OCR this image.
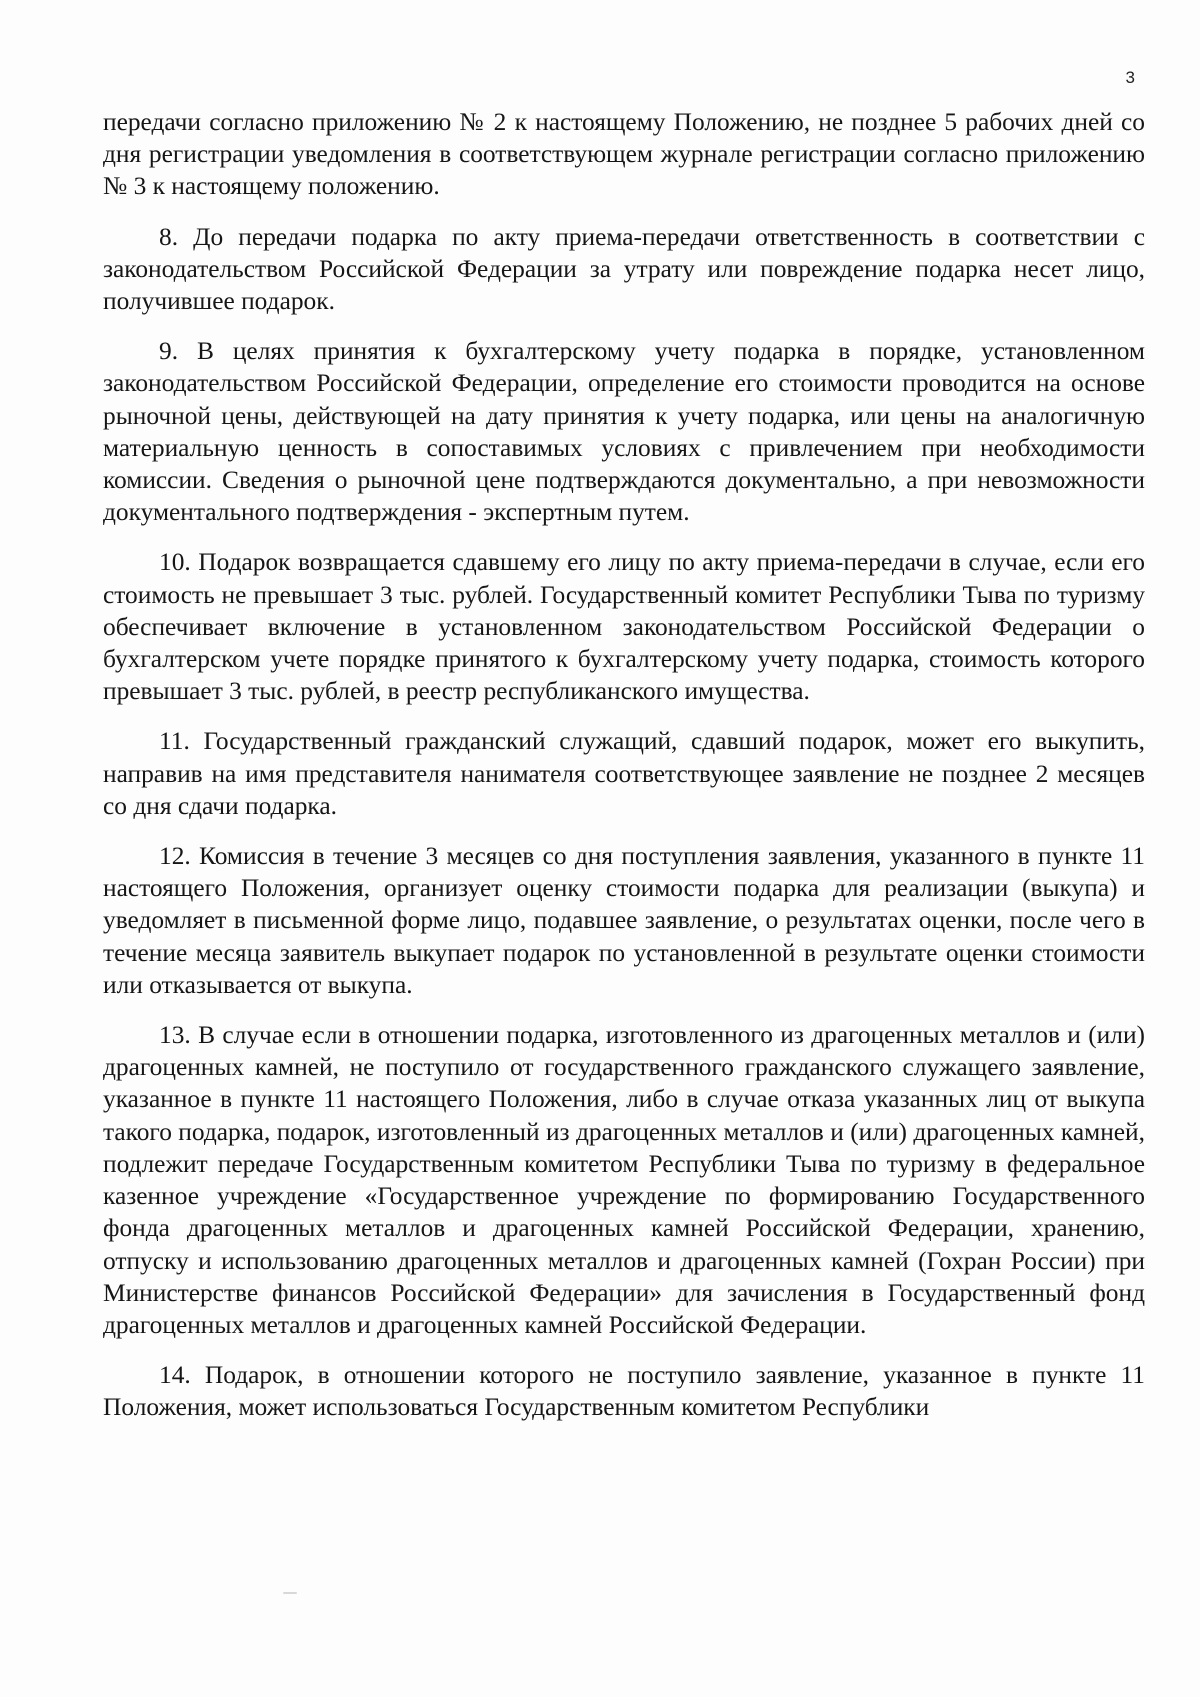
3

передачи согласно приложению № 2 к настоящему Положению, не позднее 5 рабочих дней со дня регистрации уведомления в соответствующем журнале регистрации согласно приложению № 3 к настоящему положению.

8. До передачи подарка по акту приема-передачи ответственность в соответствии с законодательством Российской Федерации за утрату или повреждение подарка несет лицо, получившее подарок.

9. В целях принятия к бухгалтерскому учету подарка в порядке, установленном законодательством Российской Федерации, определение его стоимости проводится на основе рыночной цены, действующей на дату принятия к учету подарка, или цены на аналогичную материальную ценность в сопоставимых условиях с привлечением при необходимости комиссии. Сведения о рыночной цене подтверждаются документально, а при невозможности документального подтверждения - экспертным путем.

10. Подарок возвращается сдавшему его лицу по акту приема-передачи в случае, если его стоимость не превышает 3 тыс. рублей. Государственный комитет Республики Тыва по туризму обеспечивает включение в установленном законодательством Российской Федерации о бухгалтерском учете порядке принятого к бухгалтерскому учету подарка, стоимость которого превышает 3 тыс. рублей, в реестр республиканского имущества.

11. Государственный гражданский служащий, сдавший подарок, может его выкупить, направив на имя представителя нанимателя соответствующее заявление не позднее 2 месяцев со дня сдачи подарка.

12. Комиссия в течение 3 месяцев со дня поступления заявления, указанного в пункте 11 настоящего Положения, организует оценку стоимости подарка для реализации (выкупа) и уведомляет в письменной форме лицо, подавшее заявление, о результатах оценки, после чего в течение месяца заявитель выкупает подарок по установленной в результате оценки стоимости или отказывается от выкупа.

13. В случае если в отношении подарка, изготовленного из драгоценных металлов и (или) драгоценных камней, не поступило от государственного гражданского служащего заявление, указанное в пункте 11 настоящего Положения, либо в случае отказа указанных лиц от выкупа такого подарка, подарок, изготовленный из драгоценных металлов и (или) драгоценных камней, подлежит передаче Государственным комитетом Республики Тыва по туризму в федеральное казенное учреждение «Государственное учреждение по формированию Государственного фонда драгоценных металлов и драгоценных камней Российской Федерации, хранению, отпуску и использованию драгоценных металлов и драгоценных камней (Гохран России) при Министерстве финансов Российской Федерации» для зачисления в Государственный фонд драгоценных металлов и драгоценных камней Российской Федерации.

14. Подарок, в отношении которого не поступило заявление, указанное в пункте 11 Положения, может использоваться Государственным комитетом Республики
